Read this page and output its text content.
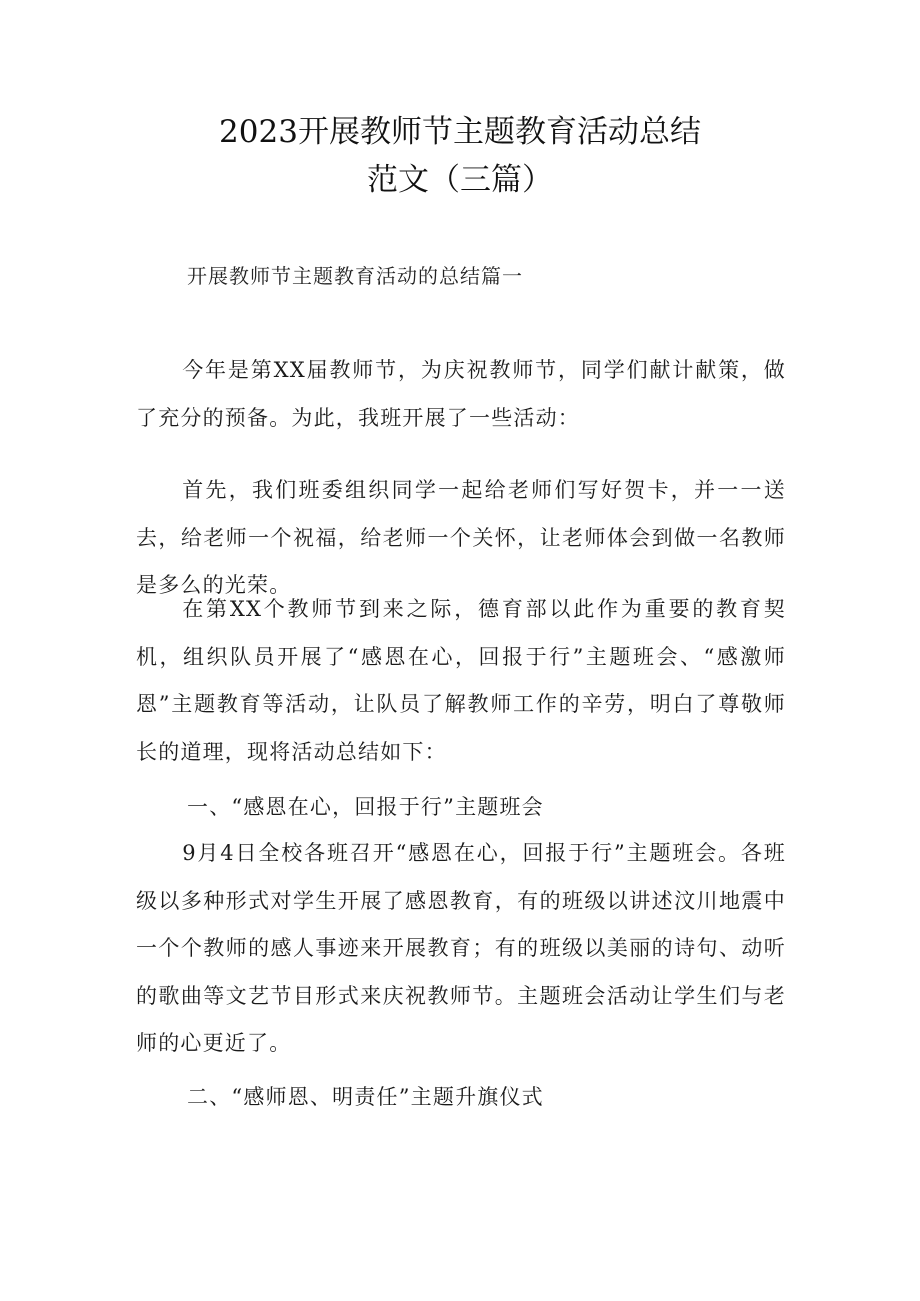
2023开展教师节主题教育活动总结
范文（三篇）
开展教师节主题教育活动的总结篇一

今年是第XX届教师节，为庆祝教师节，同学们献计献策，做了充分的预备。为此，我班开展了一些活动：

首先，我们班委组织同学一起给老师们写好贺卡，并一一送去，给老师一个祝福，给老师一个关怀，让老师体会到做一名教师是多么的光荣。

在第XX个教师节到来之际，德育部以此作为重要的教育契机，组织队员开展了“感恩在心，回报于行”主题班会、“感激师恩”主题教育等活动，让队员了解教师工作的辛劳，明白了尊敬师长的道理，现将活动总结如下：

一、“感恩在心，回报于行”主题班会

9月4日全校各班召开“感恩在心，回报于行”主题班会。各班级以多种形式对学生开展了感恩教育，有的班级以讲述汶川地震中一个个教师的感人事迹来开展教育；有的班级以美丽的诗句、动听的歌曲等文艺节目形式来庆祝教师节。主题班会活动让学生们与老师的心更近了。

二、“感师恩、明责任”主题升旗仪式
